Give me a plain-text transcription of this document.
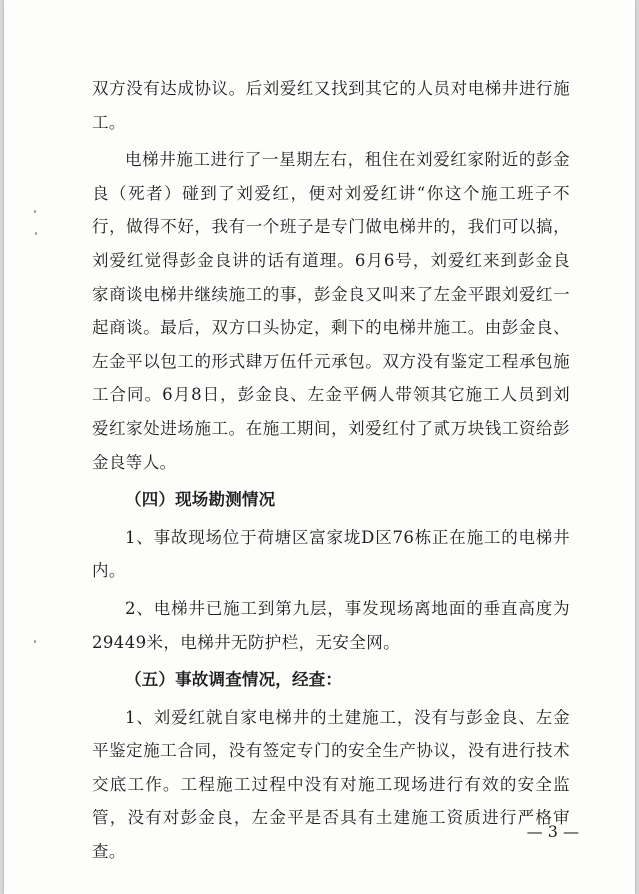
双方没有达成协议。后刘爱红又找到其它的人员对电梯井进行施工。

电梯井施工进行了一星期左右，租住在刘爱红家附近的彭金良（死者）碰到了刘爱红，便对刘爱红讲“你这个施工班子不行，做得不好，我有一个班子是专门做电梯井的，我们可以搞，刘爱红觉得彭金良讲的话有道理。6月6号，刘爱红来到彭金良家商谈电梯井继续施工的事，彭金良又叫来了左金平跟刘爱红一起商谈。最后，双方口头协定，剩下的电梯井施工。由彭金良、左金平以包工的形式肆万伍仟元承包。双方没有鉴定工程承包施工合同。6月8日，彭金良、左金平俩人带领其它施工人员到刘爱红家处进场施工。在施工期间，刘爱红付了贰万块钱工资给彭金良等人。

（四）现场勘测情况

1、事故现场位于荷塘区富家垅D区76栋正在施工的电梯井内。

2、电梯井已施工到第九层，事发现场离地面的垂直高度为29449米，电梯井无防护栏，无安全网。

（五）事故调查情况，经查：

1、刘爱红就自家电梯井的土建施工，没有与彭金良、左金平鉴定施工合同，没有签定专门的安全生产协议，没有进行技术交底工作。工程施工过程中没有对施工现场进行有效的安全监管，没有对彭金良，左金平是否具有土建施工资质进行严格审查。

— 3 —
